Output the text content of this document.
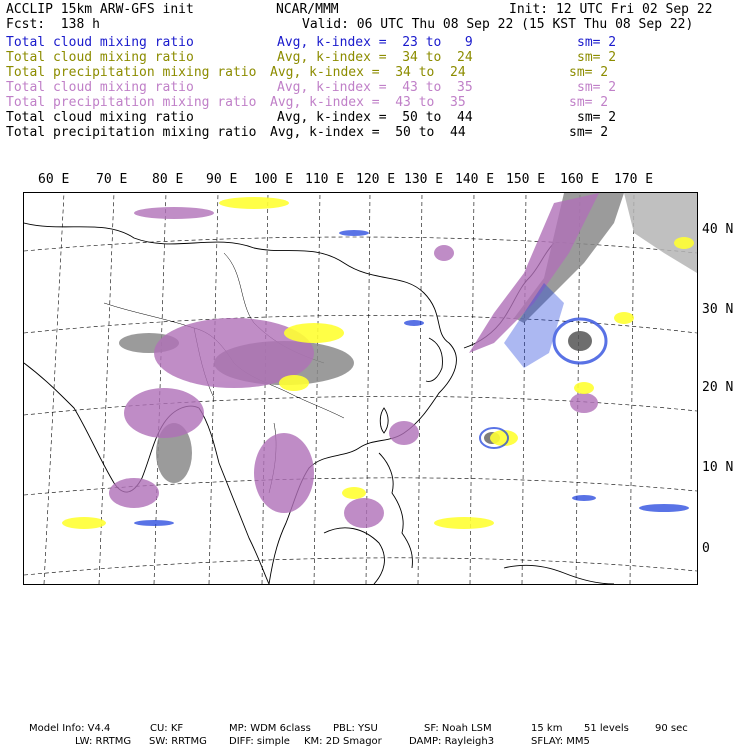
ACCLIP 15km ARW-GFS init	NCAR/MMM	Init: 12 UTC Fri 02 Sep 22
Fcst:  138 h	Valid: 06 UTC Thu 08 Sep 22 (15 KST Thu 08 Sep 22)
Total cloud mixing ratio	Avg, k-index =  23 to   9	sm= 2
Total cloud mixing ratio	Avg, k-index =  34 to  24	sm= 2
Total precipitation mixing ratio Avg, k-index =  34 to  24	sm= 2
Total cloud mixing ratio	Avg, k-index =  43 to  35	sm= 2
Total precipitation mixing ratio Avg, k-index =  43 to  35	sm= 2
Total cloud mixing ratio	Avg, k-index =  50 to  44	sm= 2
Total precipitation mixing ratio Avg, k-index =  50 to  44	sm= 2
60 E 70 E 80 E 90 E 100 E 110 E 120 E 130 E 140 E 150 E 160 E 170 E
40 N
30 N
20 N
10 N
0

Model Info: V4.4	CU: KF	MP: WDM 6class PBL: YSU	SF: Noah LSM	15 km 51 levels	90 sec

LW: RRTMG SW: RRTMG DIFF: simple KM: 2D Smagor	DAMP: Rayleigh3	SFLAY: MM5
